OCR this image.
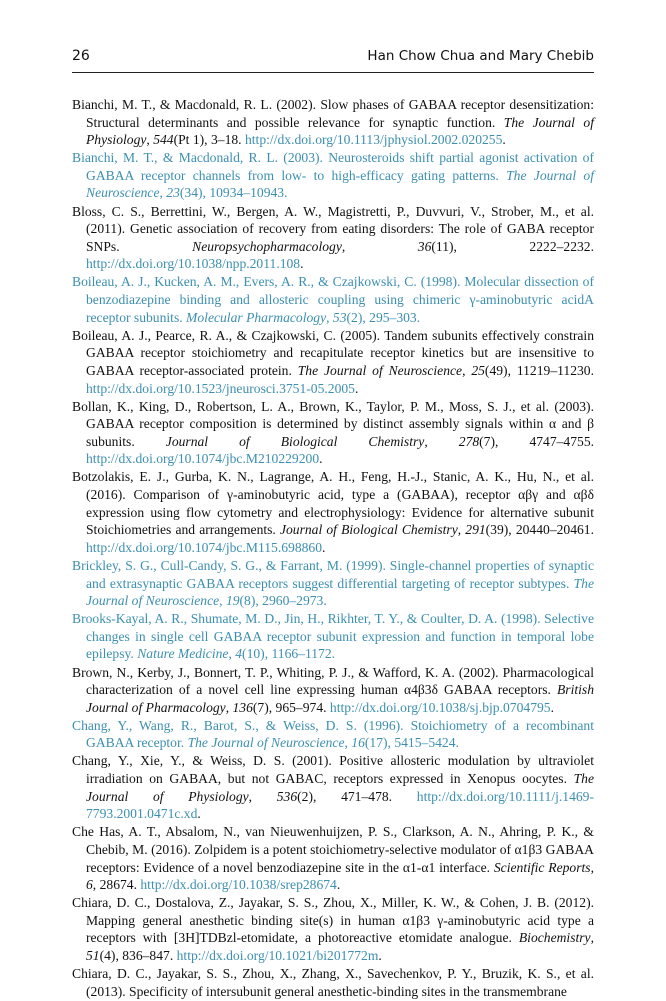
26	Han Chow Chua and Mary Chebib

Bianchi, M. T., & Macdonald, R. L. (2002). Slow phases of GABAA receptor desensitization: Structural determinants and possible relevance for synaptic function. The Journal of Physiology, 544(Pt 1), 3–18. http://dx.doi.org/10.1113/jphysiol.2002.020255.

Bianchi, M. T., & Macdonald, R. L. (2003). Neurosteroids shift partial agonist activation of GABAA receptor channels from low- to high-efficacy gating patterns. The Journal of Neuroscience, 23(34), 10934–10943.

Bloss, C. S., Berrettini, W., Bergen, A. W., Magistretti, P., Duvvuri, V., Strober, M., et al. (2011). Genetic association of recovery from eating disorders: The role of GABA receptor SNPs. Neuropsychopharmacology, 36(11), 2222–2232. http://dx.doi.org/10.1038/npp.2011.108.

Boileau, A. J., Kucken, A. M., Evers, A. R., & Czajkowski, C. (1998). Molecular dissection of benzodiazepine binding and allosteric coupling using chimeric γ-aminobutyric acidA receptor subunits. Molecular Pharmacology, 53(2), 295–303.

Boileau, A. J., Pearce, R. A., & Czajkowski, C. (2005). Tandem subunits effectively constrain GABAA receptor stoichiometry and recapitulate receptor kinetics but are insensitive to GABAA receptor-associated protein. The Journal of Neuroscience, 25(49), 11219–11230. http://dx.doi.org/10.1523/jneurosci.3751-05.2005.

Bollan, K., King, D., Robertson, L. A., Brown, K., Taylor, P. M., Moss, S. J., et al. (2003). GABAA receptor composition is determined by distinct assembly signals within α and β subunits. Journal of Biological Chemistry, 278(7), 4747–4755. http://dx.doi.org/10.1074/jbc.M210229200.

Botzolakis, E. J., Gurba, K. N., Lagrange, A. H., Feng, H.-J., Stanic, A. K., Hu, N., et al. (2016). Comparison of γ-aminobutyric acid, type a (GABAA), receptor αβγ and αβδ expression using flow cytometry and electrophysiology: Evidence for alternative subunit Stoichiometries and arrangements. Journal of Biological Chemistry, 291(39), 20440–20461. http://dx.doi.org/10.1074/jbc.M115.698860.

Brickley, S. G., Cull-Candy, S. G., & Farrant, M. (1999). Single-channel properties of synaptic and extrasynaptic GABAA receptors suggest differential targeting of receptor subtypes. The Journal of Neuroscience, 19(8), 2960–2973.

Brooks-Kayal, A. R., Shumate, M. D., Jin, H., Rikhter, T. Y., & Coulter, D. A. (1998). Selective changes in single cell GABAA receptor subunit expression and function in temporal lobe epilepsy. Nature Medicine, 4(10), 1166–1172.

Brown, N., Kerby, J., Bonnert, T. P., Whiting, P. J., & Wafford, K. A. (2002). Pharmacological characterization of a novel cell line expressing human α4β3δ GABAA receptors. British Journal of Pharmacology, 136(7), 965–974. http://dx.doi.org/10.1038/sj.bjp.0704795.

Chang, Y., Wang, R., Barot, S., & Weiss, D. S. (1996). Stoichiometry of a recombinant GABAA receptor. The Journal of Neuroscience, 16(17), 5415–5424.

Chang, Y., Xie, Y., & Weiss, D. S. (2001). Positive allosteric modulation by ultraviolet irradiation on GABAA, but not GABAC, receptors expressed in Xenopus oocytes. The Journal of Physiology, 536(2), 471–478. http://dx.doi.org/10.1111/j.1469-7793.2001.0471c.xd.

Che Has, A. T., Absalom, N., van Nieuwenhuijzen, P. S., Clarkson, A. N., Ahring, P. K., & Chebib, M. (2016). Zolpidem is a potent stoichiometry-selective modulator of α1β3 GABAA receptors: Evidence of a novel benzodiazepine site in the α1-α1 interface. Scientific Reports, 6, 28674. http://dx.doi.org/10.1038/srep28674.

Chiara, D. C., Dostalova, Z., Jayakar, S. S., Zhou, X., Miller, K. W., & Cohen, J. B. (2012). Mapping general anesthetic binding site(s) in human α1β3 γ-aminobutyric acid type a receptors with [3H]TDBzl-etomidate, a photoreactive etomidate analogue. Biochemistry, 51(4), 836–847. http://dx.doi.org/10.1021/bi201772m.

Chiara, D. C., Jayakar, S. S., Zhou, X., Zhang, X., Savechenkov, P. Y., Bruzik, K. S., et al. (2013). Specificity of intersubunit general anesthetic-binding sites in the transmembrane
